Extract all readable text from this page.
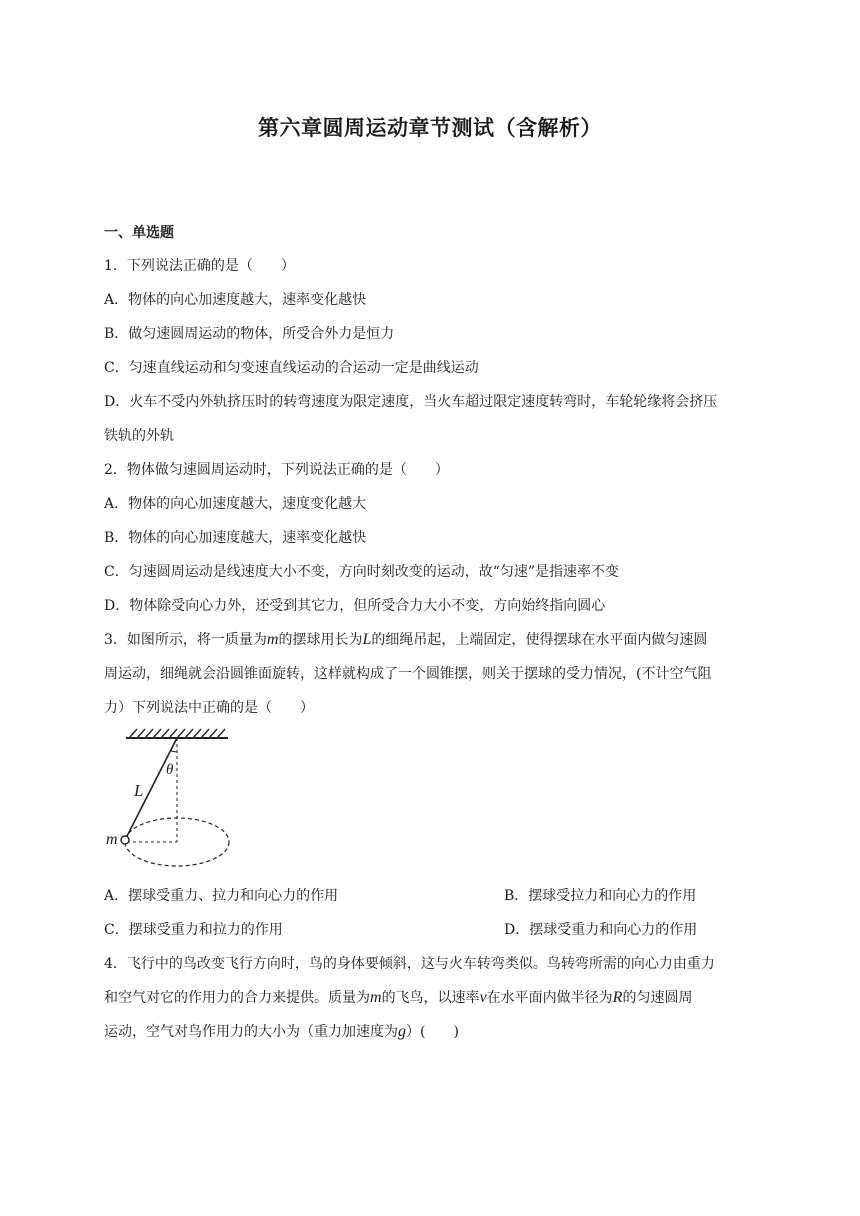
第六章圆周运动章节测试（含解析）
一、单选题
1．下列说法正确的是（　　）
A．物体的向心加速度越大，速率变化越快
B．做匀速圆周运动的物体，所受合外力是恒力
C．匀速直线运动和匀变速直线运动的合运动一定是曲线运动
D．火车不受内外轨挤压时的转弯速度为限定速度，当火车超过限定速度转弯时，车轮轮缘将会挤压
铁轨的外轨
2．物体做匀速圆周运动时，下列说法正确的是（　　）
A．物体的向心加速度越大，速度变化越大
B．物体的向心加速度越大，速率变化越快
C．匀速圆周运动是线速度大小不变，方向时刻改变的运动，故“匀速”是指速率不变
D．物体除受向心力外，还受到其它力，但所受合力大小不变，方向始终指向圆心
3．如图所示，将一质量为m的摆球用长为L的细绳吊起，上端固定，使得摆球在水平面内做匀速圆
周运动，细绳就会沿圆锥面旋转，这样就构成了一个圆锥摆，则关于摆球的受力情况，(不计空气阻
力）下列说法中正确的是（　　）
L
θ
m
A．摆球受重力、拉力和向心力的作用	B．摆球受拉力和向心力的作用
C．摆球受重力和拉力的作用	D．摆球受重力和向心力的作用
4．飞行中的鸟改变飞行方向时，鸟的身体要倾斜，这与火车转弯类似。鸟转弯所需的向心力由重力
和空气对它的作用力的合力来提供。质量为m的飞鸟，以速率v在水平面内做半径为R的匀速圆周
运动，空气对鸟作用力的大小为（重力加速度为g）(　　)
